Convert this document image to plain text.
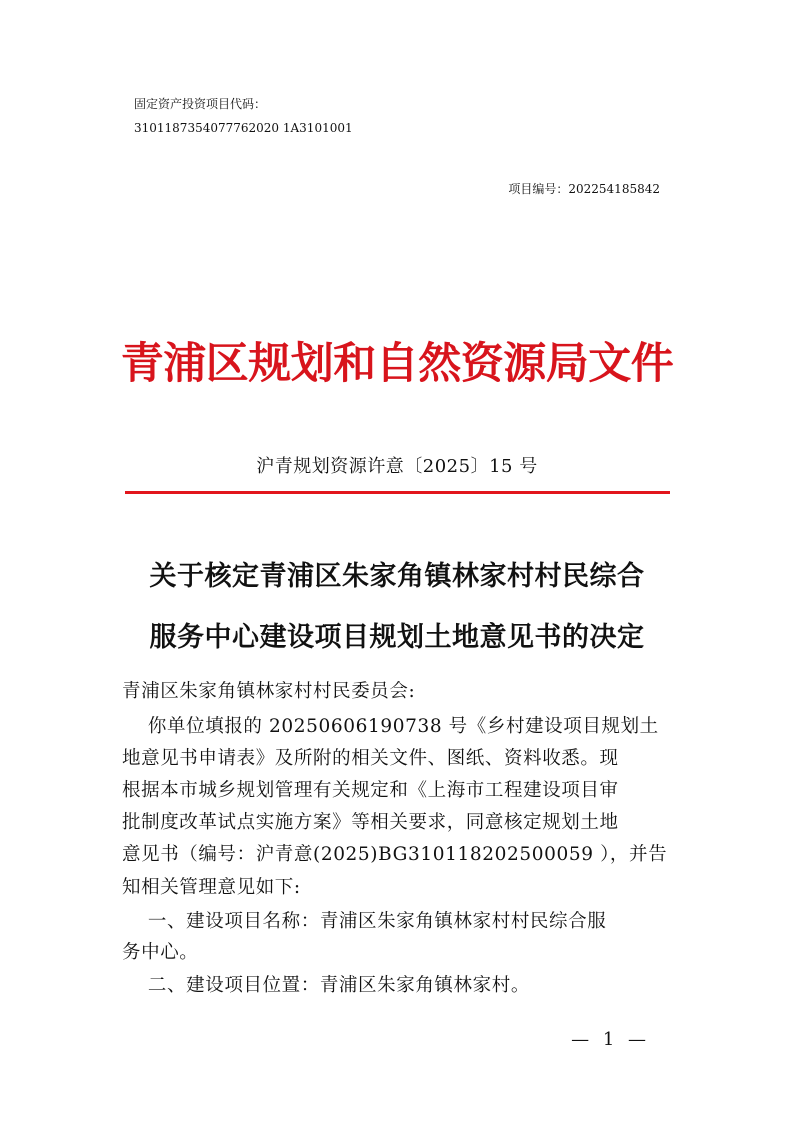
固定资产投资项目代码：
3101187354077762020 1A3101001
项目编号：202254185842
青浦区规划和自然资源局文件
沪青规划资源许意〔2025〕15 号
关于核定青浦区朱家角镇林家村村民综合
服务中心建设项目规划土地意见书的决定
青浦区朱家角镇林家村村民委员会:
你单位填报的 20250606190738 号《乡村建设项目规划土
地意见书申请表》及所附的相关文件、图纸、资料收悉。现
根据本市城乡规划管理有关规定和《上海市工程建设项目审
批制度改革试点实施方案》等相关要求，同意核定规划土地
意见书（编号：沪青意(2025)BG310118202500059 ），并告
知相关管理意见如下:
一、建设项目名称：青浦区朱家角镇林家村村民综合服
务中心。
二、建设项目位置：青浦区朱家角镇林家村。
— 1 —
